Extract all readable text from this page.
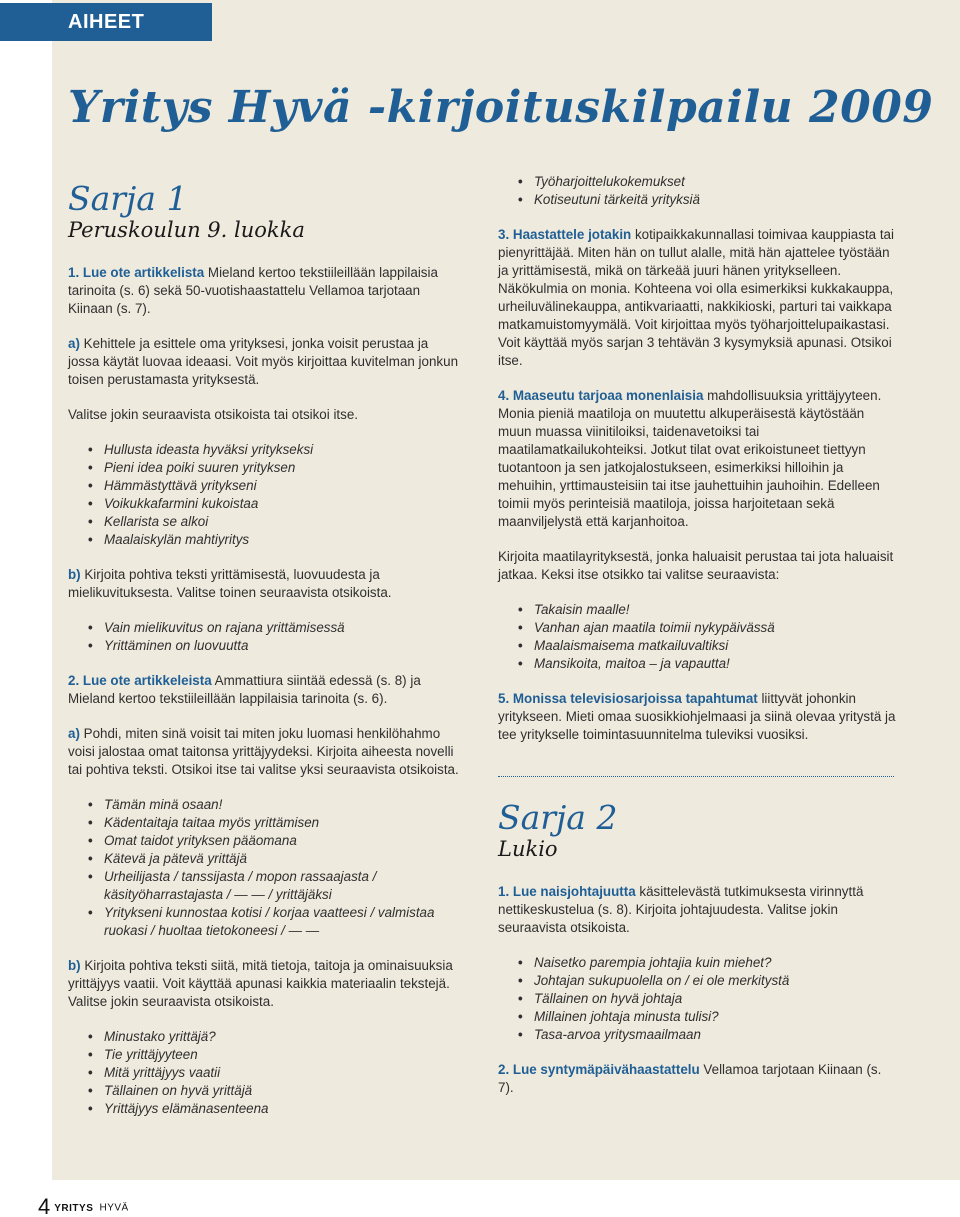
AIHEET
Yritys Hyvä -kirjoituskilpailu 2009
Sarja 1
Peruskoulun 9. luokka

1. Lue ote artikkelista Mieland kertoo tekstiileillään lappilaisia tarinoita (s. 6) sekä 50-vuotishaastattelu Vellamoa tarjotaan Kiinaan (s. 7).

a) Kehittele ja esittele oma yrityksesi, jonka voisit perustaa ja jossa käytät luovaa ideaasi. Voit myös kirjoittaa kuvitelman jonkun toisen perustamasta yrityksestä.

Valitse jokin seuraavista otsikoista tai otsikoi itse.

• Hullusta ideasta hyväksi yritykseksi
• Pieni idea poiki suuren yrityksen
• Hämmästyttävä yritykseni
• Voikukkafarmini kukoistaa
• Kellarista se alkoi
• Maalaiskylän mahtiyritys

b) Kirjoita pohtiva teksti yrittämisestä, luovuudesta ja mielikuvituksesta. Valitse toinen seuraavista otsikoista.

• Vain mielikuvitus on rajana yrittämisessä
• Yrittäminen on luovuutta

2. Lue ote artikkeleista Ammattiura siintää edessä (s. 8) ja Mieland kertoo tekstiileillään lappilaisia tarinoita (s. 6).

a) Pohdi, miten sinä voisit tai miten joku luomasi henkilöhahmo voisi jalostaa omat taitonsa yrittäjyydeksi. Kirjoita aiheesta novelli tai pohtiva teksti. Otsikoi itse tai valitse yksi seuraavista otsikoista.

• Tämän minä osaan!
• Kädentaitaja taitaa myös yrittämisen
• Omat taidot yrityksen pääomana
• Kätevä ja pätevä yrittäjä
• Urheilijasta / tanssijasta / mopon rassaajasta / käsityöharrastajasta / — — / yrittäjäksi
• Yritykseni kunnostaa kotisi / korjaa vaatteesi / valmistaa ruokasi / huoltaa tietokoneesi / — —

b) Kirjoita pohtiva teksti siitä, mitä tietoja, taitoja ja ominaisuuksia yrittäjyys vaatii. Voit käyttää apunasi kaikkia materiaalin tekstejä. Valitse jokin seuraavista otsikoista.

• Minustako yrittäjä?
• Tie yrittäjyyteen
• Mitä yrittäjyys vaatii
• Tällainen on hyvä yrittäjä
• Yrittäjyys elämänasenteena
• Työharjoittelukokemukset
• Kotiseutuni tärkeitä yrityksiä

3. Haastattele jotakin kotipaikkakunnallasi toimivaa kauppiasta tai pienyrittäjää. Miten hän on tullut alalle, mitä hän ajattelee työstään ja yrittämisestä, mikä on tärkeää juuri hänen yritykselleen. Näkökulmia on monia. Kohteena voi olla esimerkiksi kukkakauppa, urheiluvälinekauppa, antikvariaatti, nakkikioski, parturi tai vaikkapa matkamuistomyymälä. Voit kirjoittaa myös työharjoittelupaikastasi. Voit käyttää myös sarjan 3 tehtävän 3 kysymyksiä apunasi. Otsikoi itse.

4. Maaseutu tarjoaa monenlaisia mahdollisuuksia yrittäjyyteen. Monia pieniä maatiloja on muutettu alkuperäisestä käytöstään muun muassa viinitiloiksi, taidenavetoiksi tai maatilamatkailukohteiksi. Jotkut tilat ovat erikoistuneet tiettyyn tuotantoon ja sen jatkojalostukseen, esimerkiksi hilloihin ja mehuihin, yrttimausteisiin tai itse jauhettuihin jauhoihin. Edelleen toimii myös perinteisiä maatiloja, joissa harjoitetaan sekä maanviljelystä että karjanhoitoa.

Kirjoita maatilayrityksestä, jonka haluaisit perustaa tai jota haluaisit jatkaa. Keksi itse otsikko tai valitse seuraavista:

• Takaisin maalle!
• Vanhan ajan maatila toimii nykypäivässä
• Maalaismaisema matkailuvaltiksi
• Mansikoita, maitoa – ja vapautta!

5. Monissa televisiosarjoissa tapahtumat liittyvät johonkin yritykseen. Mieti omaa suosikkiohjelmaasi ja siinä olevaa yritystä ja tee yritykselle toimintasuunnitelma tuleviksi vuosiksi.

Sarja 2
Lukio

1. Lue naisjohtajuutta käsittelevästä tutkimuksesta virinnyttä nettikeskustelua (s. 8). Kirjoita johtajuudesta. Valitse jokin seuraavista otsikoista.

• Naisetko parempia johtajia kuin miehet?
• Johtajan sukupuolella on / ei ole merkitystä
• Tällainen on hyvä johtaja
• Millainen johtaja minusta tulisi?
• Tasa-arvoa yritysmaailmaan

2. Lue syntymäpäivähaastattelu Vellamoa tarjotaan Kiinaan (s. 7).

4 YRITYS HYVÄ
